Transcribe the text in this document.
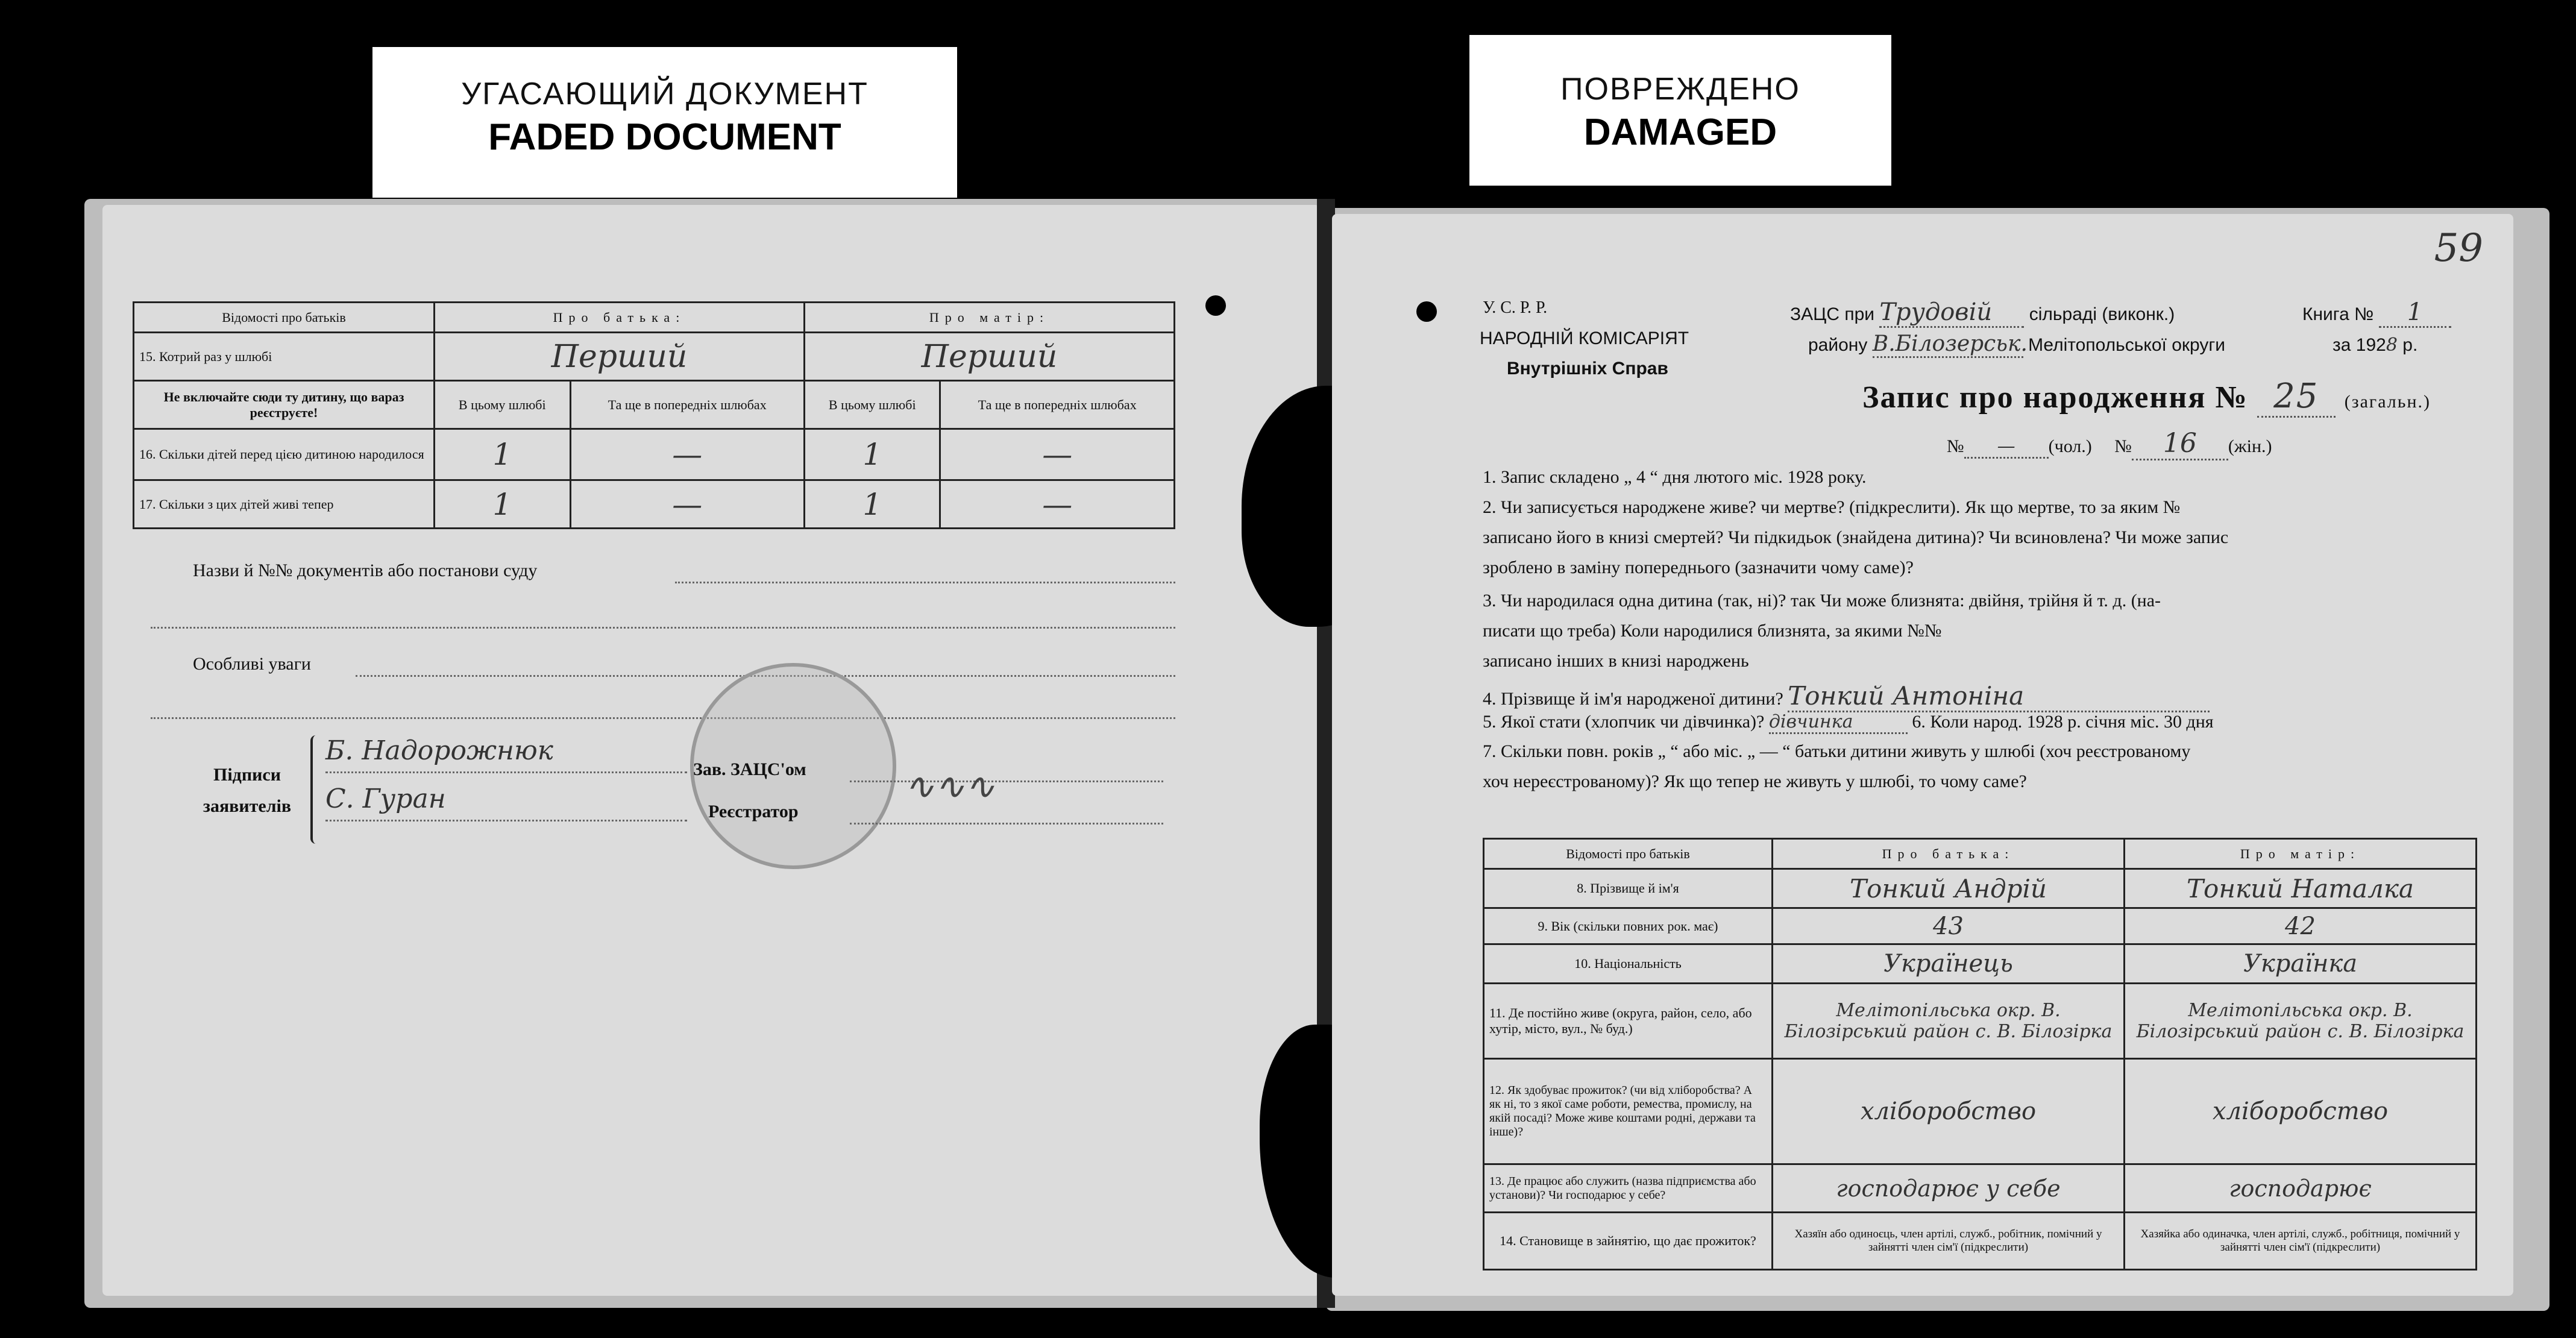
УГАСАЮЩИЙ ДОКУМЕНТ
FADED DOCUMENT
ПОВРЕЖДЕНО
DAMAGED
Відомості про батьків	Про батька:		Про матір:	
15. Котрий раз у шлюбі	Перший		Перший	
Не включайте сюди ту дитину, що вараз реєструєте!	В цьому шлюбі	Та ще в попередніх шлюбах	В цьому шлюбі	Та ще в попередніх шлюбах
16. Скільки дітей перед цією дитиною народилося	1	—	1	—
17. Скільки з цих дітей живі тепер	1	—	1	—
Назви й №№ документів або постанови суду
Особливі уваги
Підписи заявителів
Б. Надорожнюк
С. Гуран
Зав. ЗАЦС'ом
Реєстратор
∿∿∿
59
У. С. Р. Р.
НАРОДНІЙ КОМІСАРІЯТ
Внутрішніх Справ
ЗАЦС при Трудовій сільраді (виконк.)
району В.Білозерськ. Мелітопольської округи
Книга № 1
за 1928 р.
Запис про народження № 25 (загальн.)
№ — (чол.)     № 16 (жін.)
1. Запис складено „ 4 “ дня лютого міс. 1928 року.
2. Чи записується народжене живе? чи мертве? (підкреслити). Як що мертве, то за яким №
записано його в книзі смертей? Чи підкидьок (знайдена дитина)? Чи всиновлена? Чи може запис
зроблено в заміну попереднього (зазначити чому саме)?
3. Чи народилася одна дитина (так, ні)? так Чи може близнята: двійня, трійня й т. д. (на-
писати що треба) Коли народилися близнята, за якими №№
записано інших в книзі народжень
4. Прізвище й ім'я народженої дитини? Тонкий Антоніна
5. Якої стати (хлопчик чи дівчинка)? дівчинка	6. Коли народ. 1928 р. січня міс. 30 дня
7. Скільки повн. років „ “ або міс. „ — “ батьки дитини живуть у шлюбі (хоч реєстрованому
хоч нереєстрованому)? Як що тепер не живуть у шлюбі, то чому саме?
Відомості про батьків	Про батька:	Про матір:
8. Прізвище й ім'я	Тонкий Андрій	Тонкий Наталка
9. Вік (скільки повних рок. має)	43	42
10. Національність	Українець	Українка
11. Де постійно живе (округа, район, село, або хутір, місто, вул., № буд.)	Мелітопільська окр. В. Білозірський район с. В. Білозірка	Мелітопільська окр. В. Білозірський район с. В. Білозірка
12. Як здобуває прожиток? (чи від хліборобства? А як ні, то з якої саме роботи, ремества, промислу, на якій посаді? Може живе коштами родні, держави та інше)?	хліборобство	хліборобство
13. Де працює або служить (назва підприємства або установи)? Чи господарює у себе?	господарює у себе	господарює
14. Становище в зайнятію, що дає прожиток?	Хазяїн або одиноєць, член артілі, служб., робітник, помічний у зайнятті член сім'ї (підкреслити)	Хазяйка або одиначка, член артілі, служб., робітниця, помічний у зайнятті член сім'ї (підкреслити)
